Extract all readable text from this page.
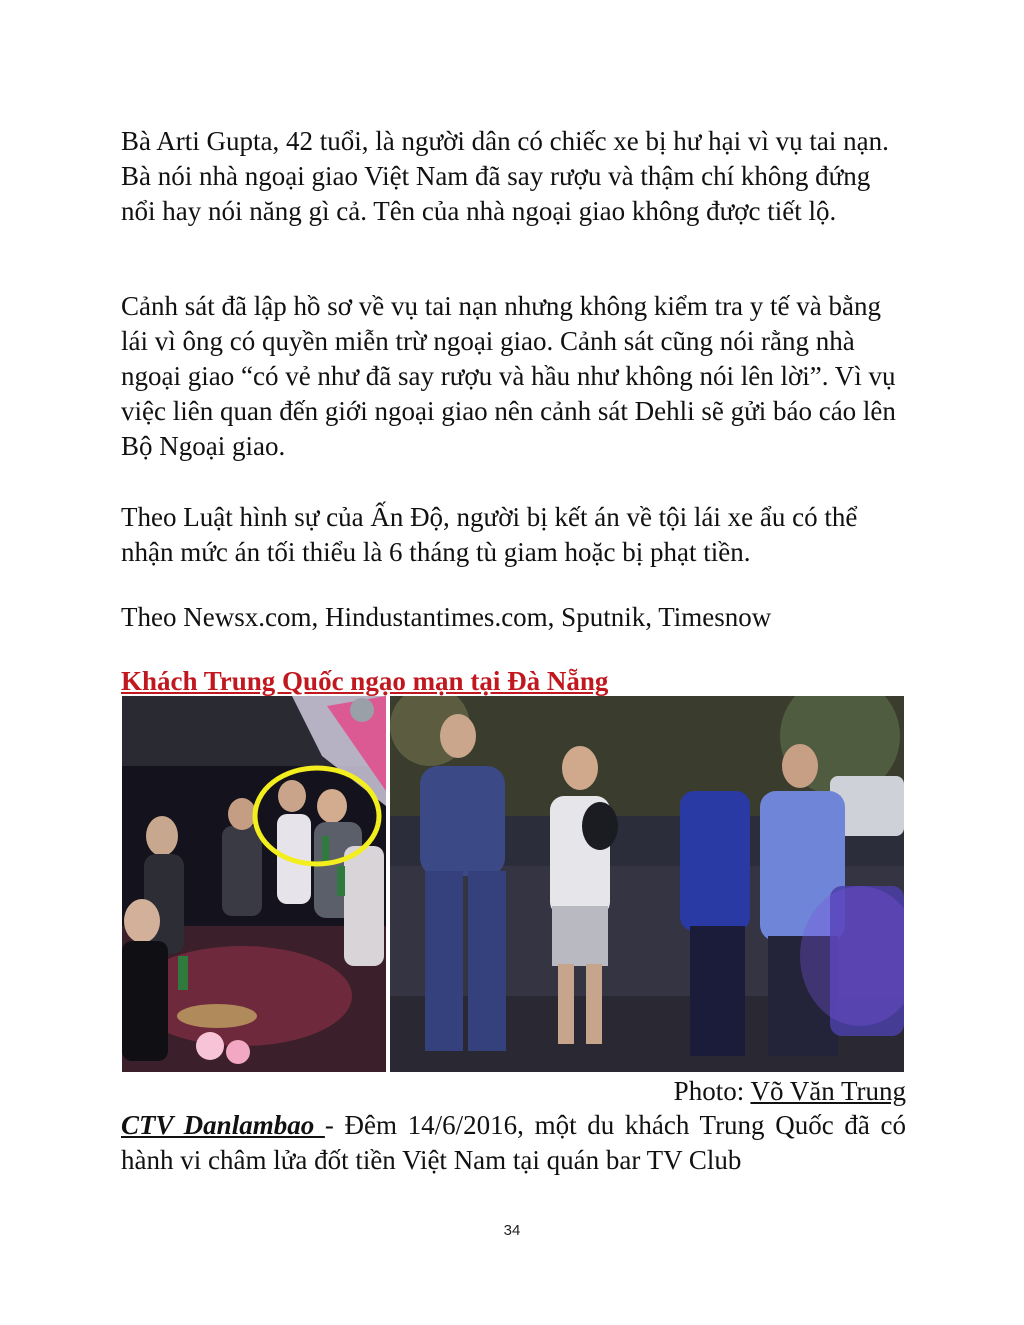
Bà Arti Gupta, 42 tuổi, là người dân có chiếc xe bị hư hại vì vụ tai nạn. Bà nói nhà ngoại giao Việt Nam đã say rượu và thậm chí không đứng nổi hay nói năng gì cả. Tên của nhà ngoại giao không được tiết lộ.

Cảnh sát đã lập hồ sơ về vụ tai nạn nhưng không kiểm tra y tế và bằng lái vì ông có quyền miễn trừ ngoại giao. Cảnh sát cũng nói rằng nhà ngoại giao “có vẻ như đã say rượu và hầu như không nói lên lời”. Vì vụ việc liên quan đến giới ngoại giao nên cảnh sát Dehli sẽ gửi báo cáo lên Bộ Ngoại giao.

Theo Luật hình sự của Ấn Độ, người bị kết án về tội lái xe ẩu có thể nhận mức án tối thiểu là 6 tháng tù giam hoặc bị phạt tiền.

Theo Newsx.com, Hindustantimes.com, Sputnik, Timesnow

Khách Trung Quốc ngạo mạn tại Đà Nẵng

Photo: Võ Văn Trung

CTV Danlambao - Đêm 14/6/2016, một du khách Trung Quốc đã có hành vi châm lửa đốt tiền Việt Nam tại quán bar TV Club

34
